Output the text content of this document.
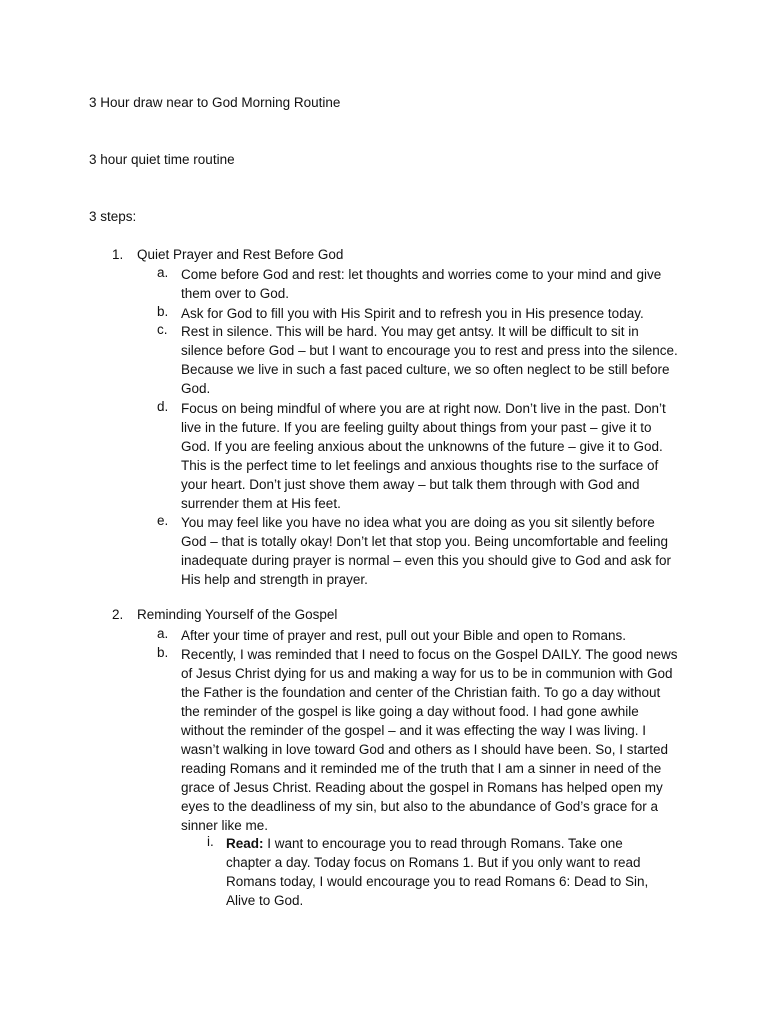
3 Hour draw near to God Morning Routine
3 hour quiet time routine
3 steps:
1. Quiet Prayer and Rest Before God
a. Come before God and rest: let thoughts and worries come to your mind and give them over to God.
b. Ask for God to fill you with His Spirit and to refresh you in His presence today.
c. Rest in silence. This will be hard. You may get antsy. It will be difficult to sit in silence before God – but I want to encourage you to rest and press into the silence. Because we live in such a fast paced culture, we so often neglect to be still before God.
d. Focus on being mindful of where you are at right now. Don’t live in the past. Don’t live in the future. If you are feeling guilty about things from your past – give it to God. If you are feeling anxious about the unknowns of the future – give it to God. This is the perfect time to let feelings and anxious thoughts rise to the surface of your heart. Don’t just shove them away – but talk them through with God and surrender them at His feet.
e. You may feel like you have no idea what you are doing as you sit silently before God – that is totally okay! Don’t let that stop you. Being uncomfortable and feeling inadequate during prayer is normal – even this you should give to God and ask for His help and strength in prayer.
2. Reminding Yourself of the Gospel
a. After your time of prayer and rest, pull out your Bible and open to Romans.
b. Recently, I was reminded that I need to focus on the Gospel DAILY. The good news of Jesus Christ dying for us and making a way for us to be in communion with God the Father is the foundation and center of the Christian faith. To go a day without the reminder of the gospel is like going a day without food. I had gone awhile without the reminder of the gospel – and it was effecting the way I was living. I wasn’t walking in love toward God and others as I should have been. So, I started reading Romans and it reminded me of the truth that I am a sinner in need of the grace of Jesus Christ. Reading about the gospel in Romans has helped open my eyes to the deadliness of my sin, but also to the abundance of God’s grace for a sinner like me.
i. Read: I want to encourage you to read through Romans. Take one chapter a day. Today focus on Romans 1. But if you only want to read Romans today, I would encourage you to read Romans 6: Dead to Sin, Alive to God.
